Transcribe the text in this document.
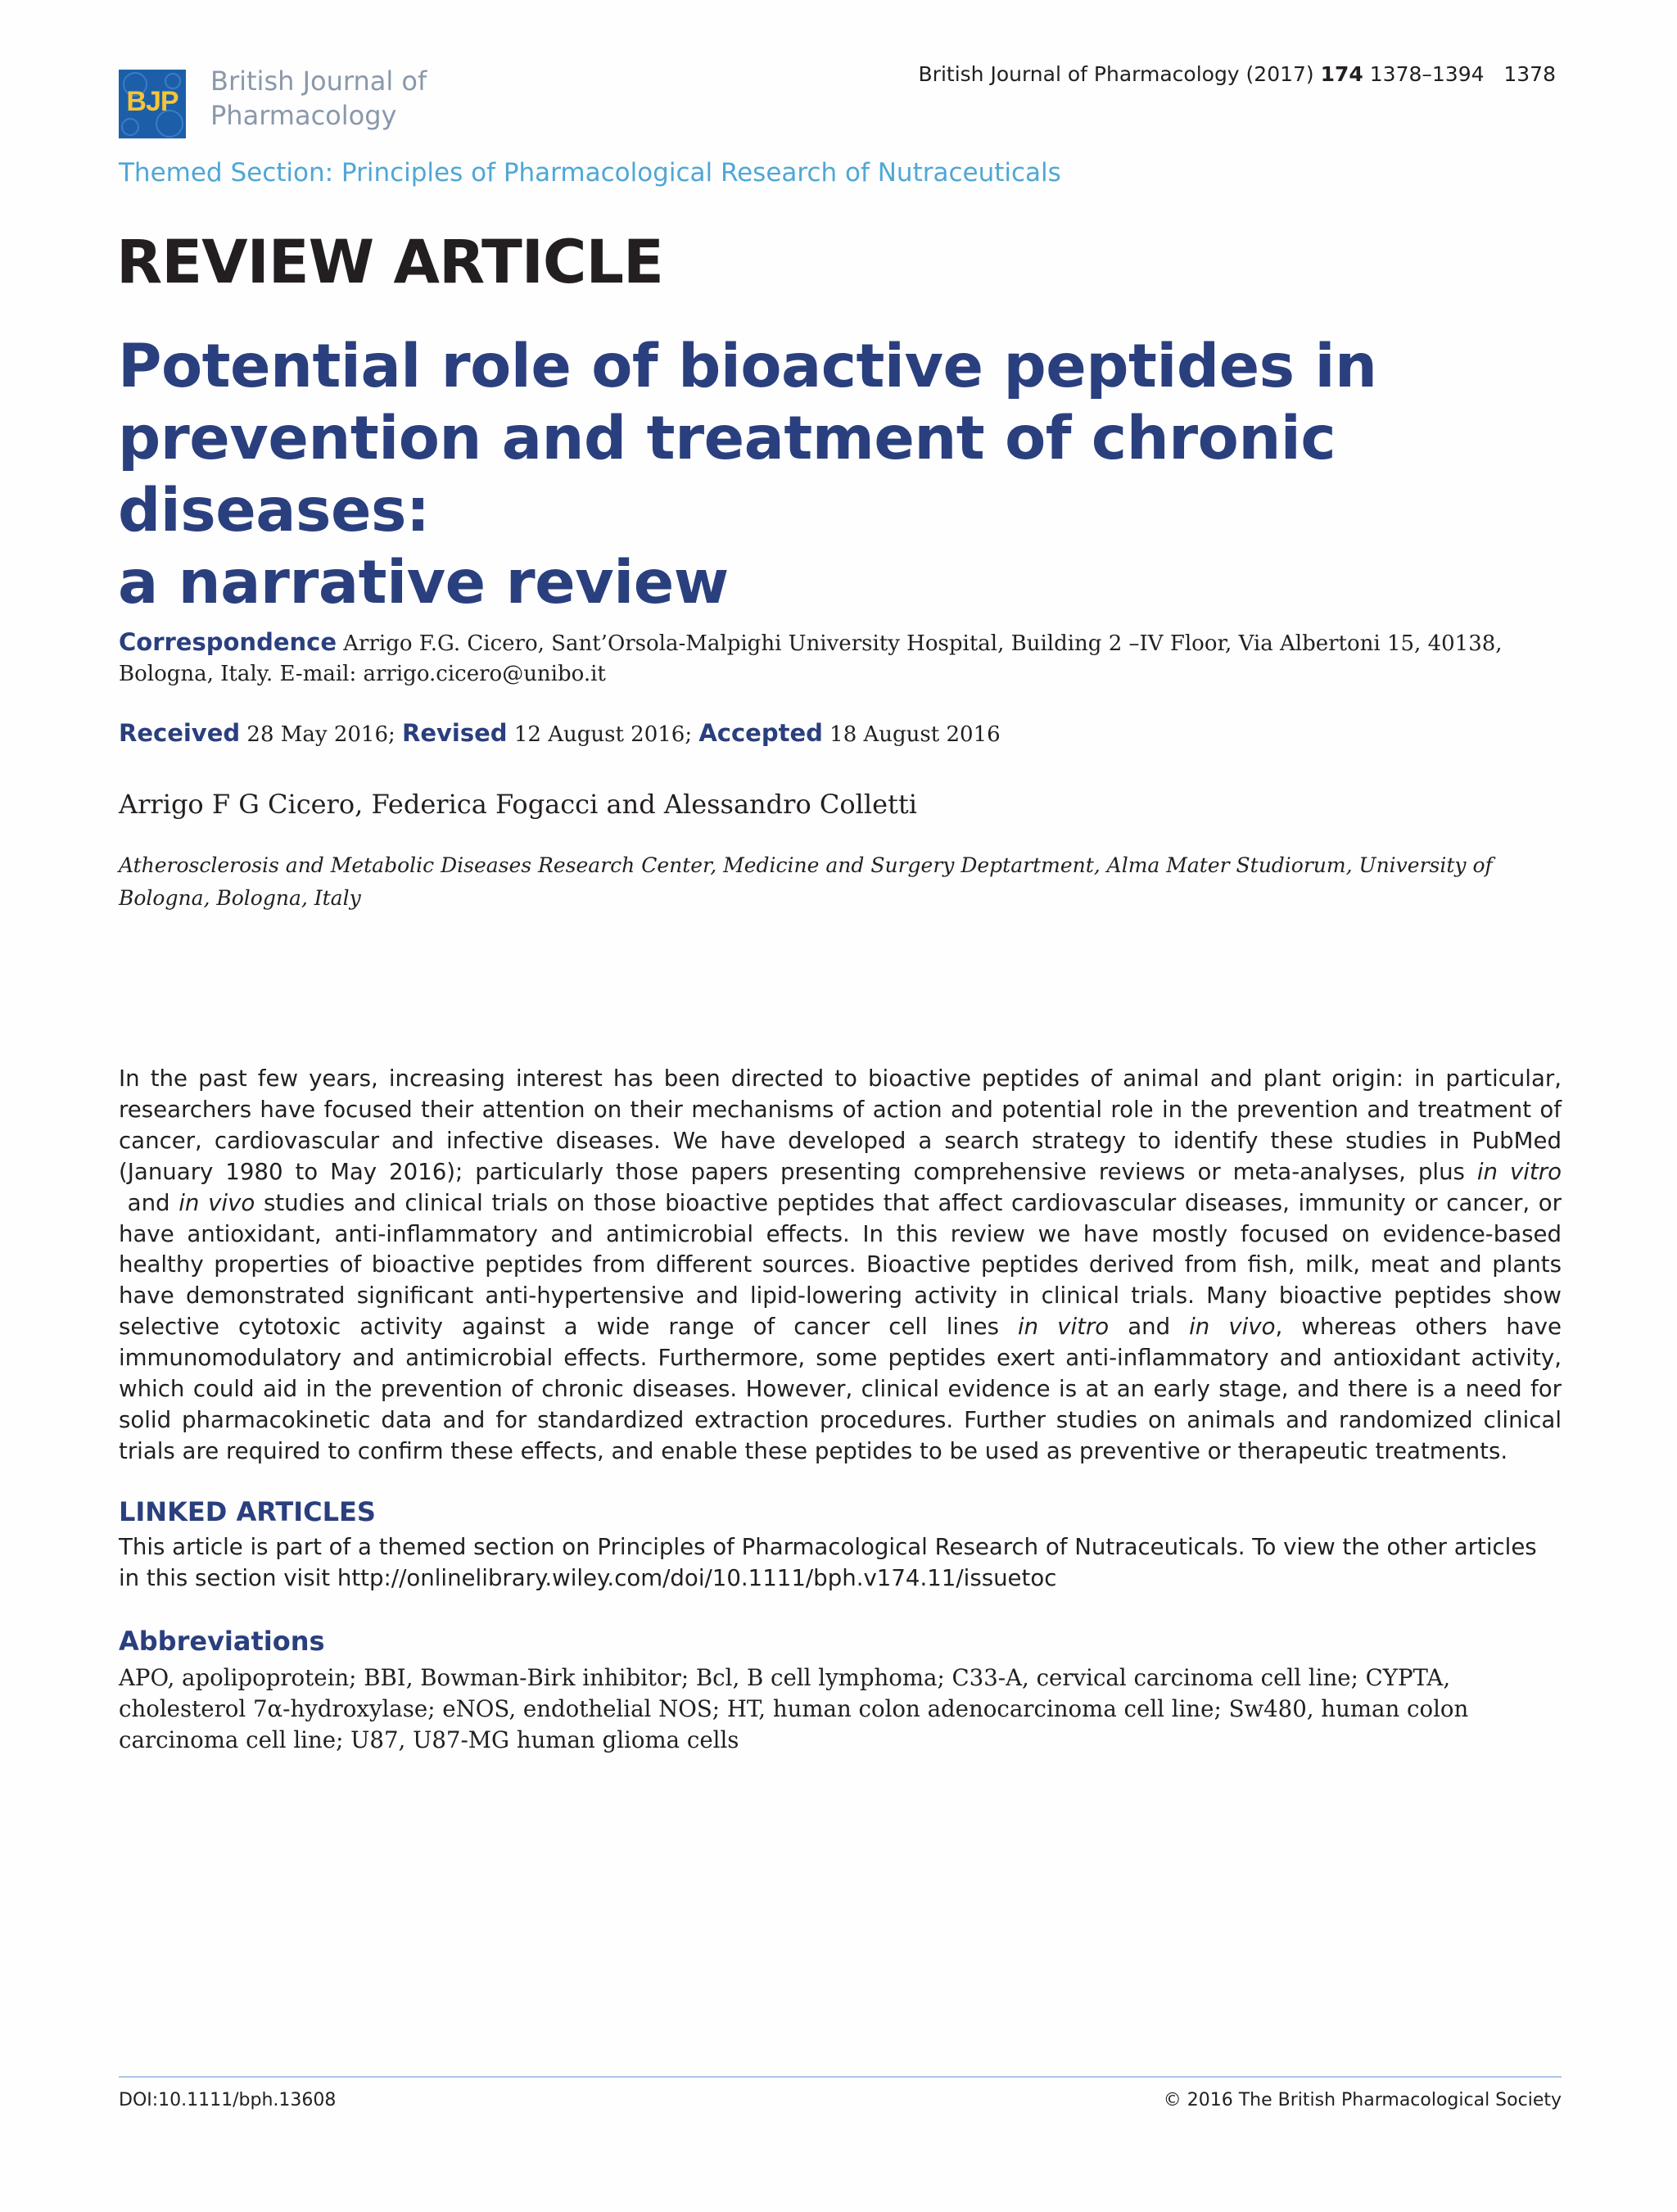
BJP
British Journal of
Pharmacology
British Journal of Pharmacology (2017) 174 1378–1394   1378
Themed Section: Principles of Pharmacological Research of Nutraceuticals
REVIEW ARTICLE
Potential role of bioactive peptides in
prevention and treatment of chronic diseases:
a narrative review
Correspondence Arrigo F.G. Cicero, Sant’Orsola-Malpighi University Hospital, Building 2 –IV Floor, Via Albertoni 15, 40138, Bologna, Italy. E-mail: arrigo.cicero@unibo.it
Received 28 May 2016; Revised 12 August 2016; Accepted 18 August 2016
Arrigo F G Cicero, Federica Fogacci and Alessandro Colletti
Atherosclerosis and Metabolic Diseases Research Center, Medicine and Surgery Deptartment, Alma Mater Studiorum, University of Bologna, Bologna, Italy
In the past few years, increasing interest has been directed to bioactive peptides of animal and plant origin: in particular, researchers have focused their attention on their mechanisms of action and potential role in the prevention and treatment of cancer, cardiovascular and infective diseases. We have developed a search strategy to identify these studies in PubMed (January 1980 to May 2016); particularly those papers presenting comprehensive reviews or meta-analyses, plus in vitro and in vivo studies and clinical trials on those bioactive peptides that affect cardiovascular diseases, immunity or cancer, or have antioxidant, anti-inflammatory and antimicrobial effects. In this review we have mostly focused on evidence-based healthy properties of bioactive peptides from different sources. Bioactive peptides derived from fish, milk, meat and plants have demonstrated significant anti-hypertensive and lipid-lowering activity in clinical trials. Many bioactive peptides show selective cytotoxic activity against a wide range of cancer cell lines in vitro and in vivo, whereas others have immunomodulatory and antimicrobial effects. Furthermore, some peptides exert anti-inflammatory and antioxidant activity, which could aid in the prevention of chronic diseases. However, clinical evidence is at an early stage, and there is a need for solid pharmacokinetic data and for standardized extraction procedures. Further studies on animals and randomized clinical trials are required to confirm these effects, and enable these peptides to be used as preventive or therapeutic treatments.
LINKED ARTICLES
This article is part of a themed section on Principles of Pharmacological Research of Nutraceuticals. To view the other articles in this section visit http://onlinelibrary.wiley.com/doi/10.1111/bph.v174.11/issuetoc
Abbreviations
APO, apolipoprotein; BBI, Bowman-Birk inhibitor; Bcl, B cell lymphoma; C33-A, cervical carcinoma cell line; CYPTA, cholesterol 7α-hydroxylase; eNOS, endothelial NOS; HT, human colon adenocarcinoma cell line; Sw480, human colon carcinoma cell line; U87, U87-MG human glioma cells
DOI:10.1111/bph.13608	© 2016 The British Pharmacological Society
